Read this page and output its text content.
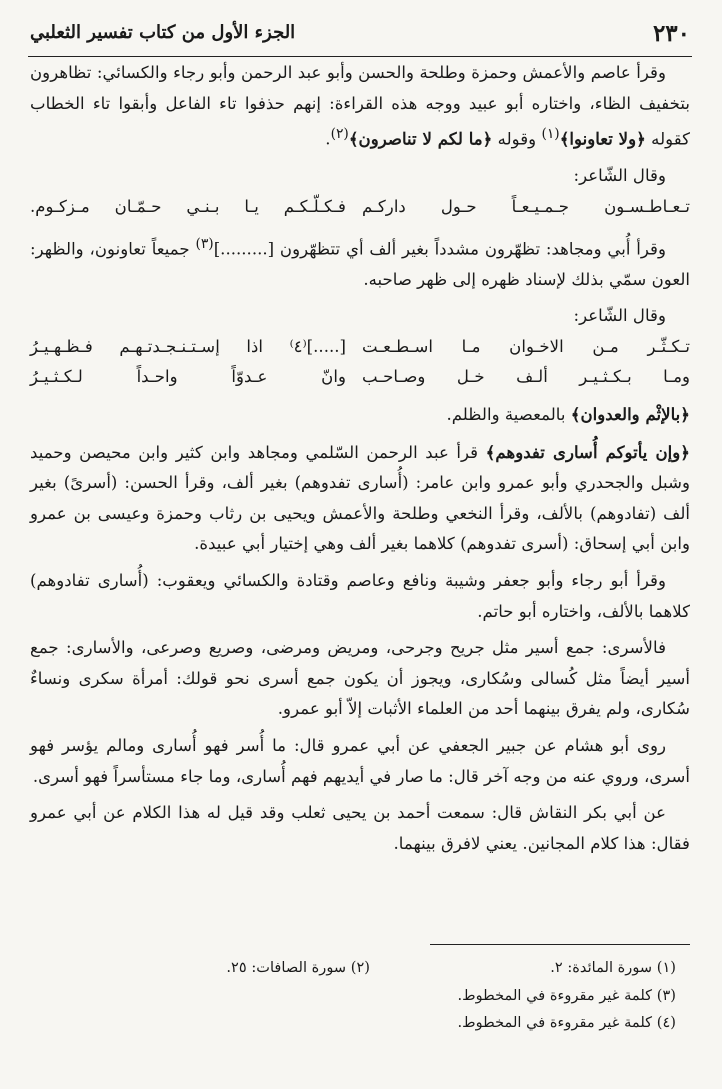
٢٣٠
الجزء الأول من كتاب تفسير الثعلبي

وقرأ عاصم والأعمش وحمزة وطلحة والحسن وأبو عبد الرحمن وأبو رجاء والكسائي: تظاهرون بتخفيف الظاء، واختاره أبو عبيد ووجه هذه القراءة: إنهم حذفوا تاء الفاعل وأبقوا تاء الخطاب كقوله ﴿ولا تعاونوا﴾$^{(١)}$ وقوله ﴿ما لكم لا تناصرون﴾$^{(٢)}$.

وقال الشّاعر:

تـعـاطـسـون جـمـيـعـاً حـول داركـم
فـكـلّـكـم يـا بـنـي حـمّـان مـزكـوم.

وقرأ أُبي ومجاهد: تظهّرون مشدداً بغير ألف أي تتظهّرون [.........]$^{(٣)}$ جميعاً تعاونون، والظهر: العون سمّي بذلك لإسناد ظهره إلى ظهر صاحبه.

وقال الشّاعر:

تـكـثّـر مـن الاخـوان مـا اسـطـعـت
[.....]⁽٤⁾ اذا إسـتـنـجـدتـهـم فـظـهـيـرُ
ومـا بـكـثـيـر ألـف خـل وصـاحـب
وانّ عـدوّاً واحـداً لـكـثـيـرُ

﴿بالإثْم والعدوان﴾ بالمعصية والظلم.

﴿وإن يأتوكم أُسارى تفدوهم﴾ قرأ عبد الرحمن السّلمي ومجاهد وابن كثير وابن محيصن وحميد وشبل والجحدري وأبو عمرو وابن عامر: (أُسارى تفدوهم) بغير ألف، وقرأ الحسن: (أسرىً) بغير ألف (تفادوهم) بالألف، وقرأ النخعي وطلحة والأعمش ويحيى بن رثاب وحمزة وعيسى بن عمرو وابن أبي إسحاق: (أسرى تفدوهم) كلاهما بغير ألف وهي إختيار أبي عبيدة.

وقرأ أبو رجاء وأبو جعفر وشيبة ونافع وعاصم وقتادة والكسائي ويعقوب: (أُسارى تفادوهم) كلاهما بالألف، واختاره أبو حاتم.

فالأسرى: جمع أسير مثل جريح وجرحى، ومريض ومرضى، وصريع وصرعى، والأسارى: جمع أسير أيضاً مثل كُسالى وسُكارى، ويجوز أن يكون جمع أسرى نحو قولك: أمرأة سكرى ونساءٌ سُكارى، ولم يفرق بينهما أحد من العلماء الأثبات إلاّ أبو عمرو.

روى أبو هشام عن جبير الجعفي عن أبي عمرو قال: ما أُسر فهو أُسارى ومالم يؤسر فهو أسرى، وروي عنه من وجه آخر قال: ما صار في أيديهم فهم أُسارى، وما جاء مستأسراً فهو أسرى.

عن أبي بكر النقاش قال: سمعت أحمد بن يحيى ثعلب وقد قيل له هذا الكلام عن أبي عمرو فقال: هذا كلام المجانين. يعني لافرق بينهما.

(١) سورة المائدة: ٢.
(٢) سورة الصافات: ٢٥.
(٣) كلمة غير مقروءة في المخطوط.
(٤) كلمة غير مقروءة في المخطوط.
